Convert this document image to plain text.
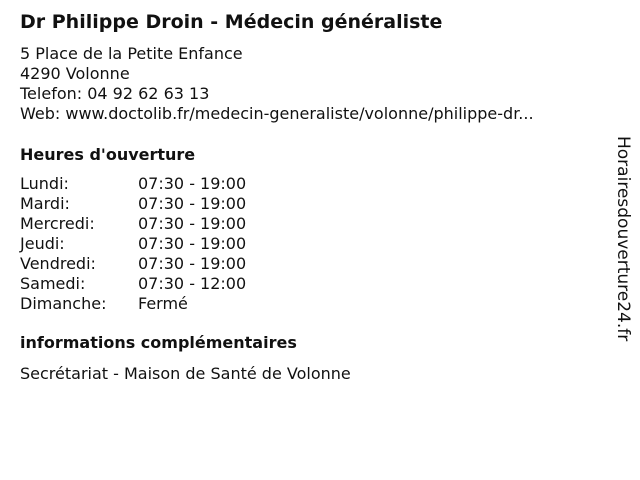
Dr Philippe Droin - Médecin généraliste
5 Place de la Petite Enfance
4290 Volonne
Telefon: 04 92 62 63 13
Web: www.doctolib.fr/medecin-generaliste/volonne/philippe-dr...
Heures d'ouverture
Lundi:	07:30 - 19:00
Mardi:	07:30 - 19:00
Mercredi:	07:30 - 19:00
Jeudi:	07:30 - 19:00
Vendredi:	07:30 - 19:00
Samedi:	07:30 - 12:00
Dimanche:	Fermé
informations complémentaires
Secrétariat - Maison de Santé de Volonne
Horairesdouverture24.fr
